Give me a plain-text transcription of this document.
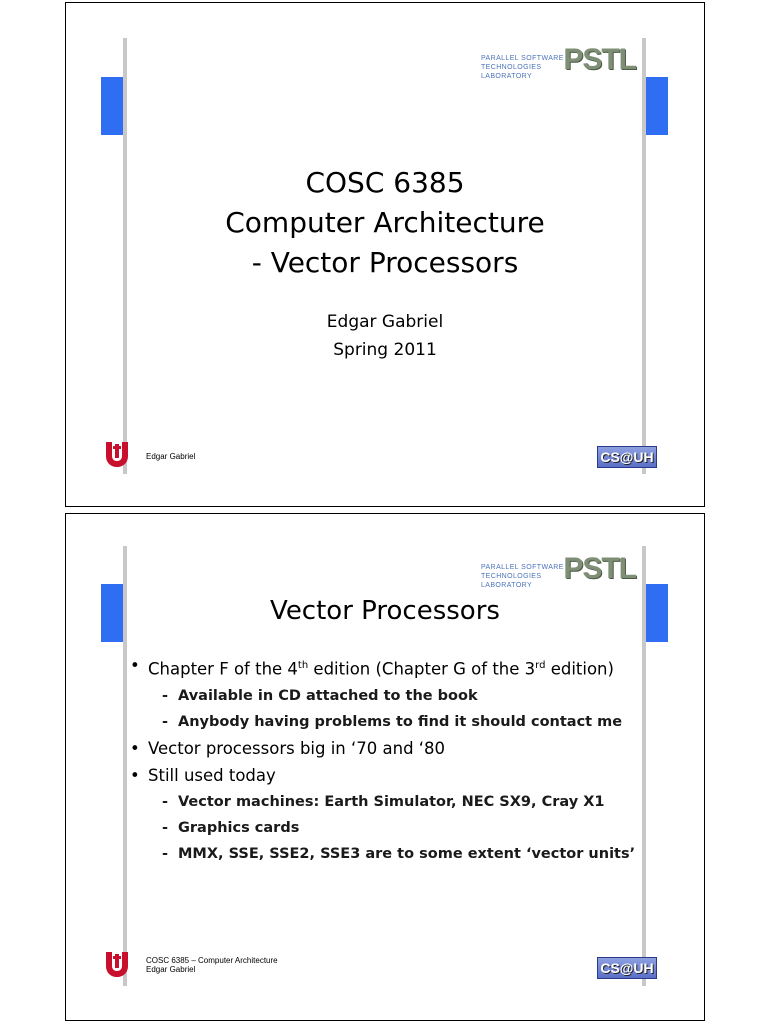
PARALLEL SOFTWARE TECHNOLOGIES LABORATORY
PSTL
COSC 6385
Computer Architecture
- Vector Processors
Edgar Gabriel
Spring 2011
Edgar Gabriel	CS@UH
PARALLEL SOFTWARE TECHNOLOGIES LABORATORY
PSTL
Vector Processors
• Chapter F of the 4th edition (Chapter G of the 3rd edition)
- Available in CD attached to the book
- Anybody having problems to find it should contact me
• Vector processors big in ‘70 and ‘80
• Still used today
- Vector machines: Earth Simulator, NEC SX9, Cray X1
- Graphics cards
- MMX, SSE, SSE2, SSE3 are to some extent ‘vector units’
COSC 6385 – Computer Architecture
Edgar Gabriel	CS@UH
